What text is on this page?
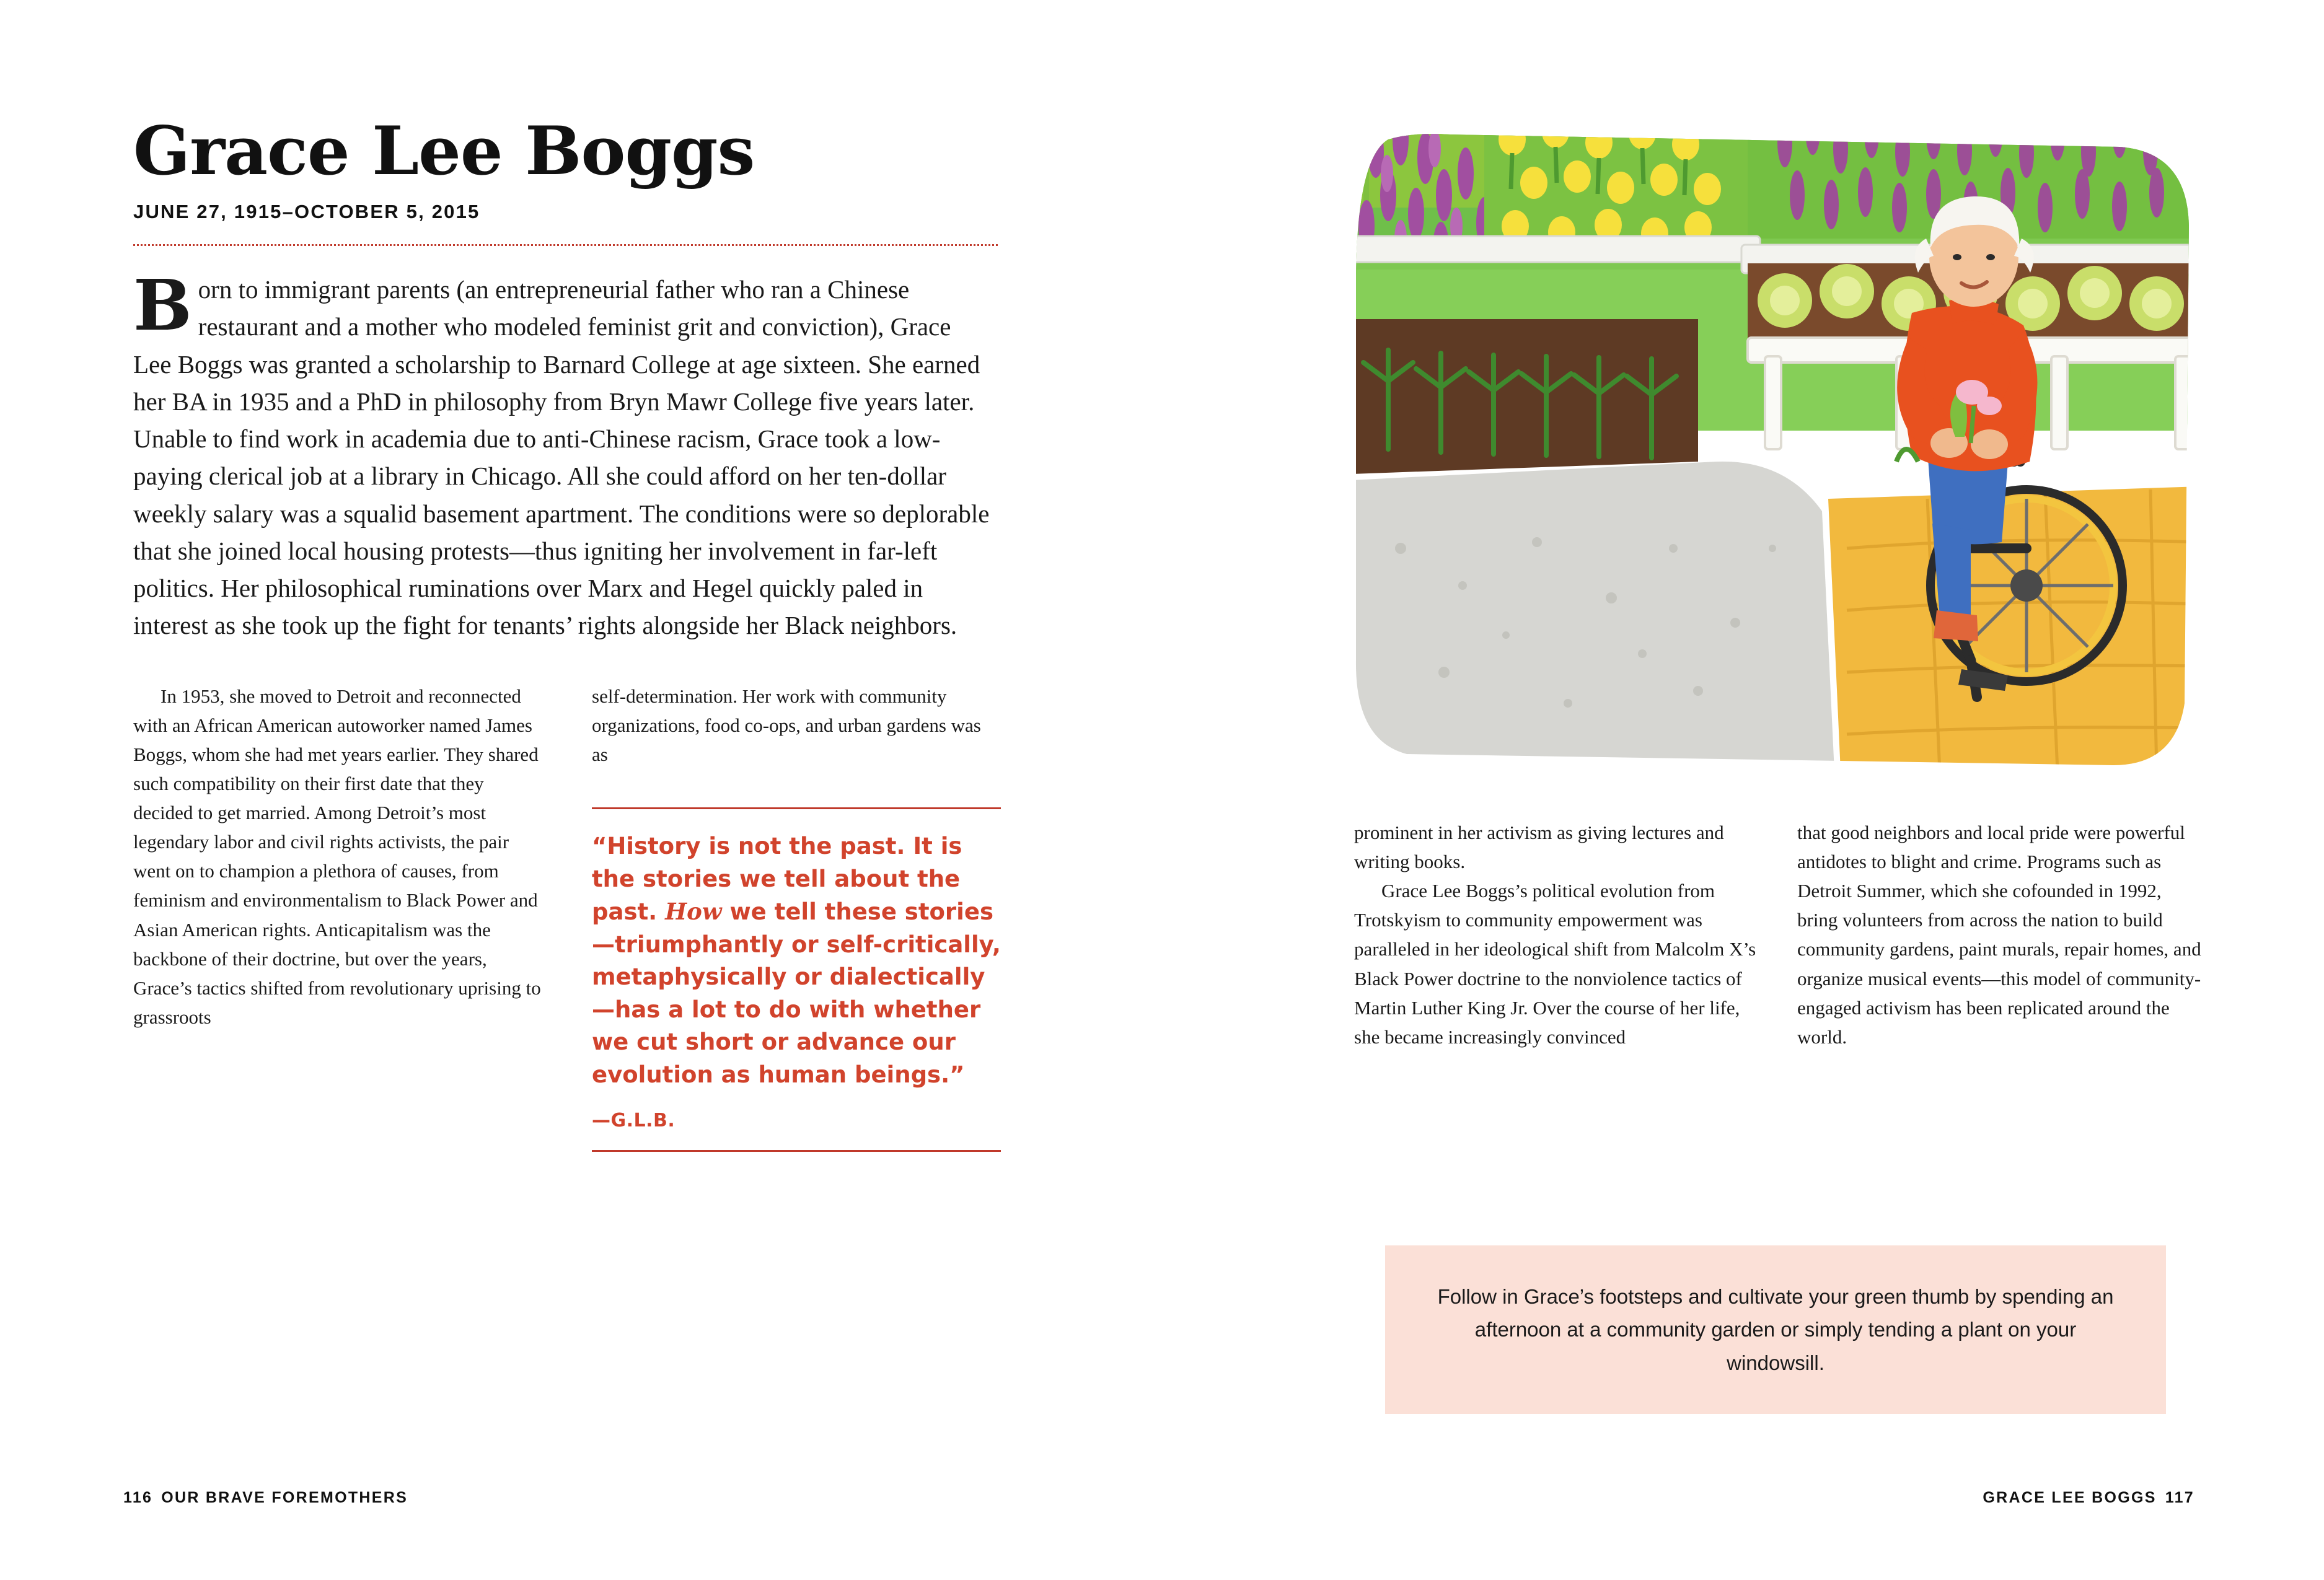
Grace Lee Boggs
JUNE 27, 1915–OCTOBER 5, 2015

Born to immigrant parents (an entrepreneurial father who ran a Chinese restaurant and a mother who modeled feminist grit and conviction), Grace Lee Boggs was granted a scholarship to Barnard College at age sixteen. She earned her BA in 1935 and a PhD in philosophy from Bryn Mawr College five years later. Unable to find work in academia due to anti-Chinese racism, Grace took a low-paying clerical job at a library in Chicago. All she could afford on her ten-dollar weekly salary was a squalid basement apartment. The conditions were so deplorable that she joined local housing protests—thus igniting her involvement in far-left politics. Her philosophical ruminations over Marx and Hegel quickly paled in interest as she took up the fight for tenants’ rights alongside her Black neighbors.

In 1953, she moved to Detroit and reconnected with an African American autoworker named James Boggs, whom she had met years earlier. They shared such compatibility on their first date that they decided to get married. Among Detroit’s most legendary labor and civil rights activists, the pair went on to champion a plethora of causes, from feminism and environmentalism to Black Power and Asian American rights. Anticapitalism was the backbone of their doctrine, but over the years, Grace’s tactics shifted from revolutionary uprising to grassroots

self-determination. Her work with community organizations, food co-ops, and urban gardens was as

“History is not the past. It is the stories we tell about the past. How we tell these stories—triumphantly or self-critically, metaphysically or dialectically—has a lot to do with whether we cut short or advance our evolution as human beings.”

—G.L.B.

116 OUR BRAVE FOREMOTHERS

prominent in her activism as giving lectures and writing books.

Grace Lee Boggs’s political evolution from Trotskyism to community empowerment was paralleled in her ideological shift from Malcolm X’s Black Power doctrine to the nonviolence tactics of Martin Luther King Jr. Over the course of her life, she became increasingly convinced

that good neighbors and local pride were powerful antidotes to blight and crime. Programs such as Detroit Summer, which she cofounded in 1992, bring volunteers from across the nation to build community gardens, paint murals, repair homes, and organize musical events—this model of community-engaged activism has been replicated around the world.

Follow in Grace’s footsteps and cultivate your green thumb by spending an afternoon at a community garden or simply tending a plant on your windowsill.

GRACE LEE BOGGS 117
